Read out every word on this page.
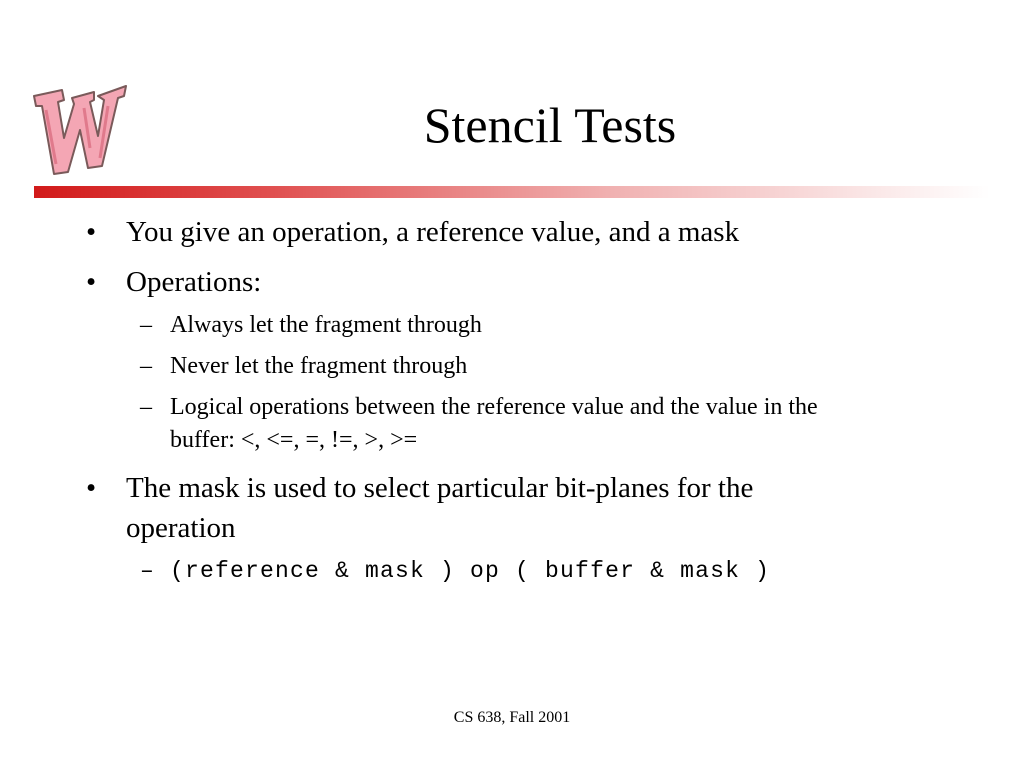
Stencil Tests
• You give an operation, a reference value, and a mask
• Operations:
– Always let the fragment through
– Never let the fragment through
– Logical operations between the reference value and the value in the
buffer: <, <=, =, !=, >, >=
• The mask is used to select particular bit-planes for the
operation
– (reference & mask ) op ( buffer & mask )
CS 638, Fall 2001
